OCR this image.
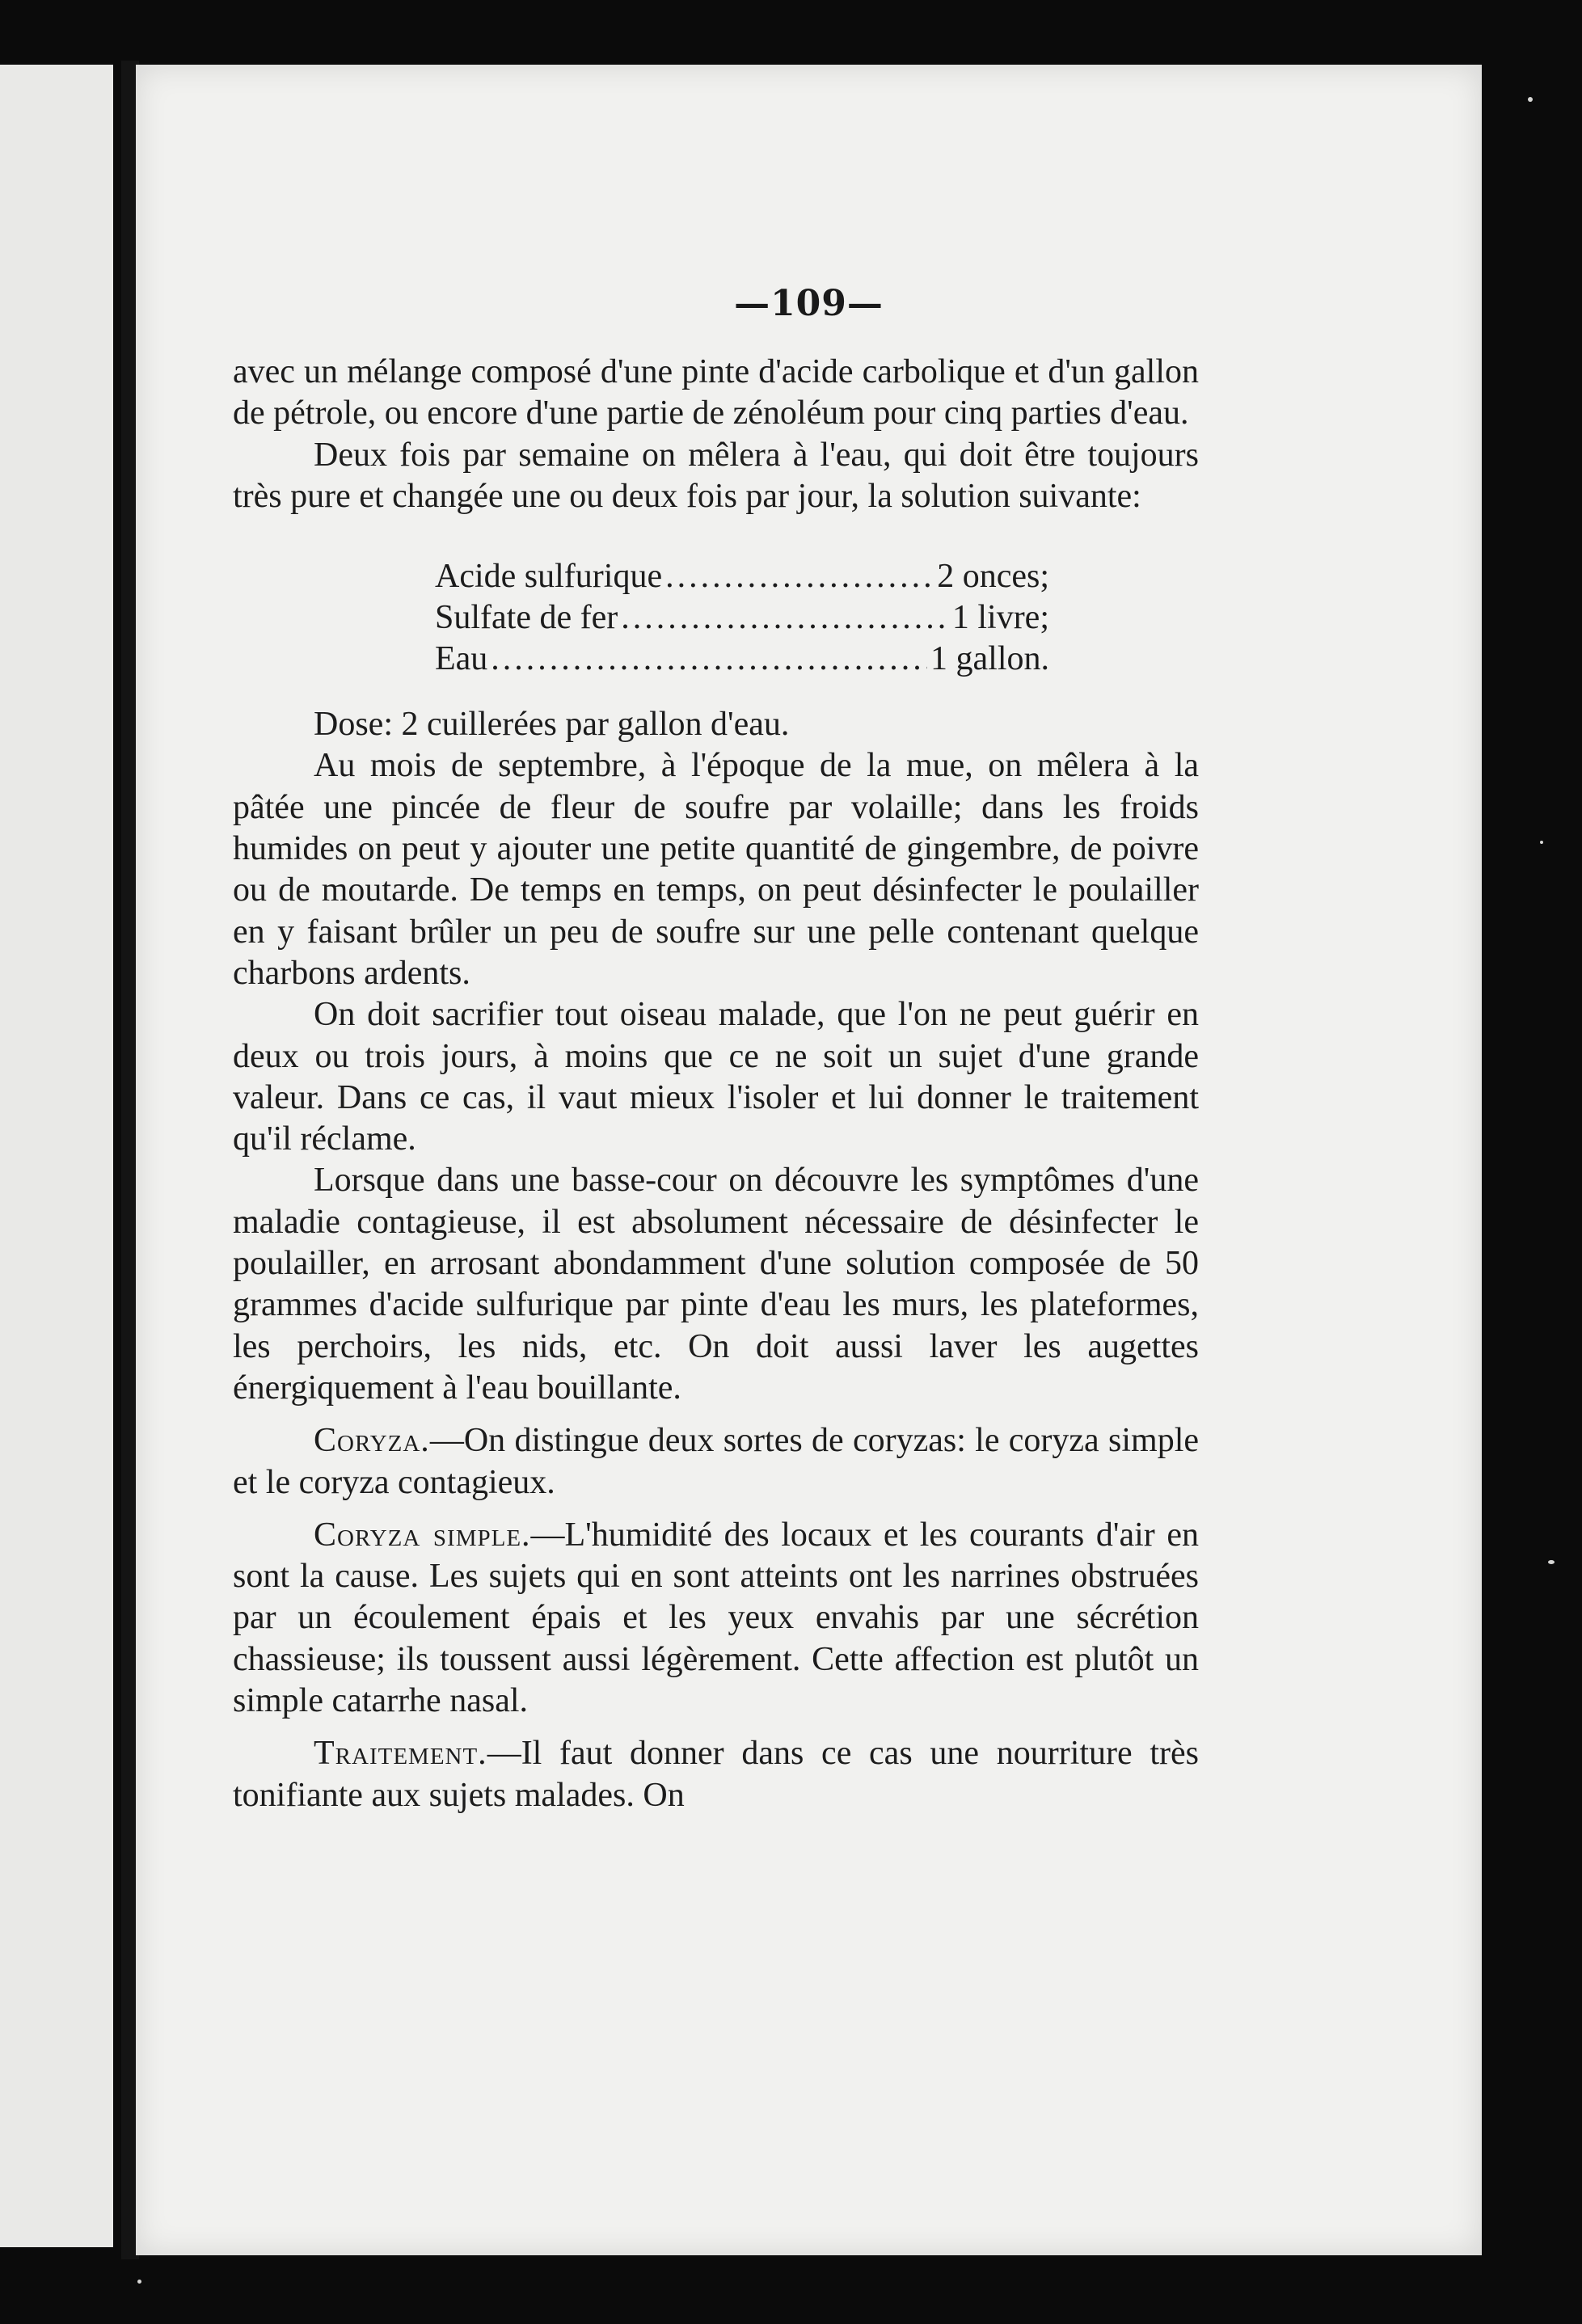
—109—

avec un mélange composé d'une pinte d'acide carbolique et d'un gallon de pétrole, ou encore d'une partie de zénoléum pour cinq parties d'eau.

Deux fois par semaine on mêlera à l'eau, qui doit être toujours très pure et changée une ou deux fois par jour, la solution suivante:

Acide sulfurique .....	2 onces;
Sulfate de fer .....	1 livre;
Eau .....	1 gallon.

Dose: 2 cuillerées par gallon d'eau.

Au mois de septembre, à l'époque de la mue, on mêlera à la pâtée une pincée de fleur de soufre par volaille; dans les froids humides on peut y ajouter une petite quantité de gingembre, de poivre ou de moutarde. De temps en temps, on peut désinfecter le poulailler en y faisant brûler un peu de soufre sur une pelle contenant quelque charbons ardents.

On doit sacrifier tout oiseau malade, que l'on ne peut guérir en deux ou trois jours, à moins que ce ne soit un sujet d'une grande valeur. Dans ce cas, il vaut mieux l'isoler et lui donner le traitement qu'il réclame.

Lorsque dans une basse-cour on découvre les symptômes d'une maladie contagieuse, il est absolument nécessaire de désinfecter le poulailler, en arrosant abondamment d'une solution composée de 50 grammes d'acide sulfurique par pinte d'eau les murs, les plateformes, les perchoirs, les nids, etc. On doit aussi laver les augettes énergiquement à l'eau bouillante.

Coryza.—On distingue deux sortes de coryzas: le coryza simple et le coryza contagieux.

Coryza simple.—L'humidité des locaux et les courants d'air en sont la cause. Les sujets qui en sont atteints ont les narrines obstruées par un écoulement épais et les yeux envahis par une sécrétion chassieuse; ils toussent aussi légèrement. Cette affection est plutôt un simple catarrhe nasal.

Traitement.—Il faut donner dans ce cas une nourriture très tonifiante aux sujets malades. On
